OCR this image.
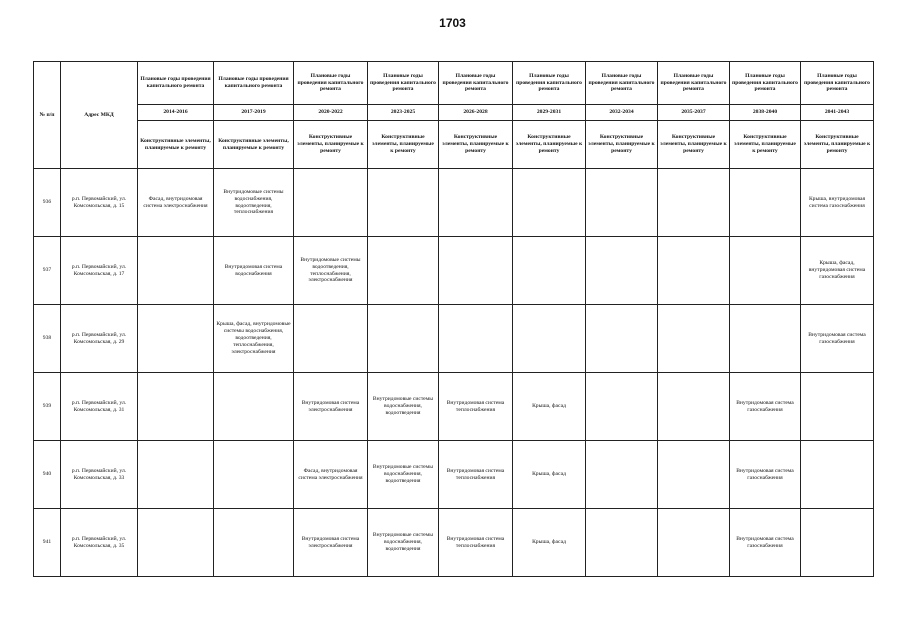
1703
№ п/п	Адрес МКД	Плановые годы проведения капитального ремонта	Плановые годы проведения капитального ремонта	Плановые годы проведения капитального ремонта	Плановые годы проведения капитального ремонта	Плановые годы проведения капитального ремонта	Плановые годы проведения капитального ремонта	Плановые годы проведения капитального ремонта	Плановые годы проведения капитального ремонта	Плановые годы проведения капитального ремонта	Плановые годы проведения капитального ремонта
		2014-2016	2017-2019	2020-2022	2023-2025	2026-2028	2029-2031	2032-2034	2035-2037	2038-2040	2041-2043
		Конструктивные элементы, планируемые к ремонту	Конструктивные элементы, планируемые к ремонту	Конструктивные элементы, планируемые к ремонту	Конструктивные элементы, планируемые к ремонту	Конструктивные элементы, планируемые к ремонту	Конструктивные элементы, планируемые к ремонту	Конструктивные элементы, планируемые к ремонту	Конструктивные элементы, планируемые к ремонту	Конструктивные элементы, планируемые к ремонту	Конструктивные элементы, планируемые к ремонту
936	р.п. Первомайский, ул. Комсомольская, д. 15	Фасад, внутридомовая система электроснабжения	Внутридомовые системы водоснабжения, водоотведения, теплоснабжения								Крыша, внутридомовая система газоснабжения
937	р.п. Первомайский, ул. Комсомольская, д. 17		Внутридомовая система водоснабжения	Внутридомовые системы водоотведения, теплоснабжения, электроснабжения							Крыша, фасад, внутридомовая система газоснабжения
938	р.п. Первомайский, ул. Комсомольская, д. 29		Крыша, фасад, внутридомовые системы водоснабжения, водоотведения, теплоснабжения, электроснабжения								Внутридомовая система газоснабжения
939	р.п. Первомайский, ул. Комсомольская, д. 31			Внутридомовая система электроснабжения	Внутридомовые системы водоснабжения, водоотведения	Внутридомовая система теплоснабжения	Крыша, фасад			Внутридомовая система газоснабжения	
940	р.п. Первомайский, ул. Комсомольская, д. 33			Фасад, внутридомовая система электроснабжения	Внутридомовые системы водоснабжения, водоотведения	Внутридомовая система теплоснабжения	Крыша, фасад			Внутридомовая система газоснабжения	
941	р.п. Первомайский, ул. Комсомольская, д. 35			Внутридомовая система электроснабжения	Внутридомовые системы водоснабжения, водоотведения	Внутридомовая система теплоснабжения	Крыша, фасад			Внутридомовая система газоснабжения	
